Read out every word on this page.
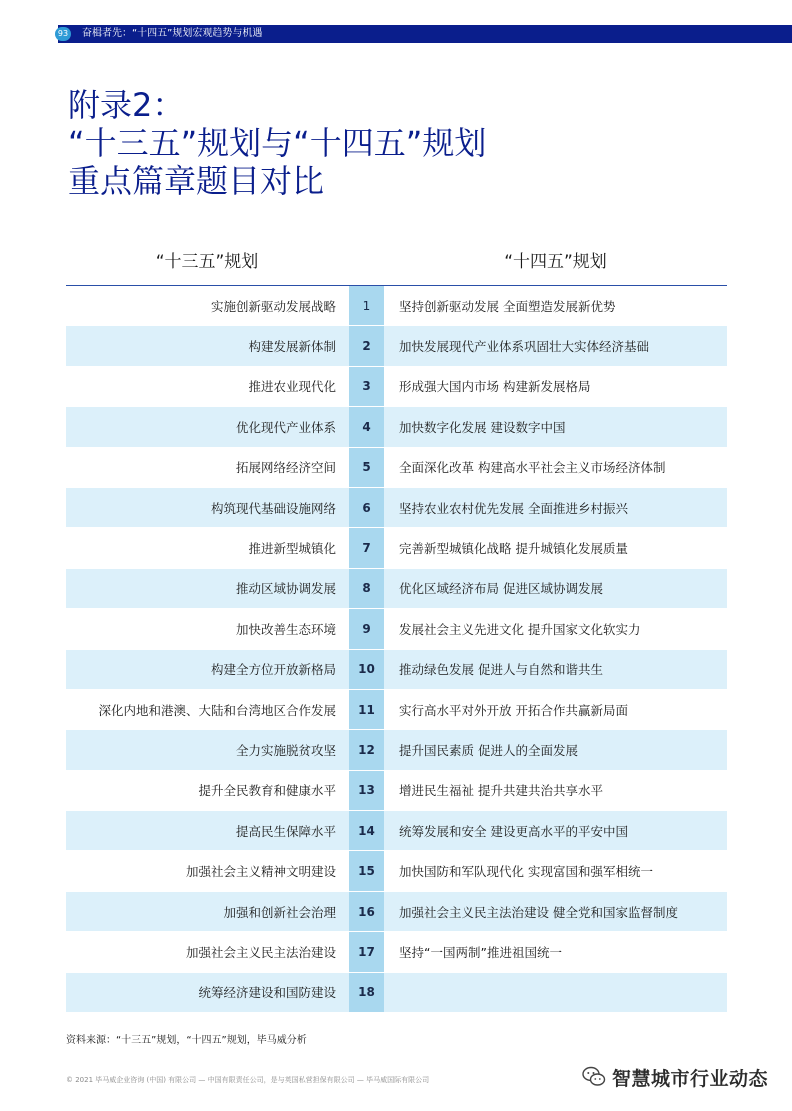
93 奋楫者先：“十四五”规划宏观趋势与机遇
附录2：
“十三五”规划与“十四五”规划
重点篇章题目对比
“十三五”规划	“十四五”规划
实施创新驱动发展战略	1	坚持创新驱动发展 全面塑造发展新优势
构建发展新体制	2	加快发展现代产业体系巩固壮大实体经济基础
推进农业现代化	3	形成强大国内市场 构建新发展格局
优化现代产业体系	4	加快数字化发展 建设数字中国
拓展网络经济空间	5	全面深化改革 构建高水平社会主义市场经济体制
构筑现代基础设施网络	6	坚持农业农村优先发展 全面推进乡村振兴
推进新型城镇化	7	完善新型城镇化战略 提升城镇化发展质量
推动区域协调发展	8	优化区域经济布局 促进区域协调发展
加快改善生态环境	9	发展社会主义先进文化 提升国家文化软实力
构建全方位开放新格局	10	推动绿色发展 促进人与自然和谐共生
深化内地和港澳、大陆和台湾地区合作发展	11	实行高水平对外开放 开拓合作共赢新局面
全力实施脱贫攻坚	12	提升国民素质 促进人的全面发展
提升全民教育和健康水平	13	增进民生福祉 提升共建共治共享水平
提高民生保障水平	14	统筹发展和安全 建设更高水平的平安中国
加强社会主义精神文明建设	15	加快国防和军队现代化 实现富国和强军相统一
加强和创新社会治理	16	加强社会主义民主法治建设 健全党和国家监督制度
加强社会主义民主法治建设	17	坚持“一国两制”推进祖国统一
统筹经济建设和国防建设	18
资料来源：“十三五”规划，“十四五”规划，毕马威分析
© 2021 毕马威企业咨询 (中国) 有限公司 — 中国有限责任公司，是与英国私营担保有限公司 — 毕马威国际有限公司	智慧城市行业动态
